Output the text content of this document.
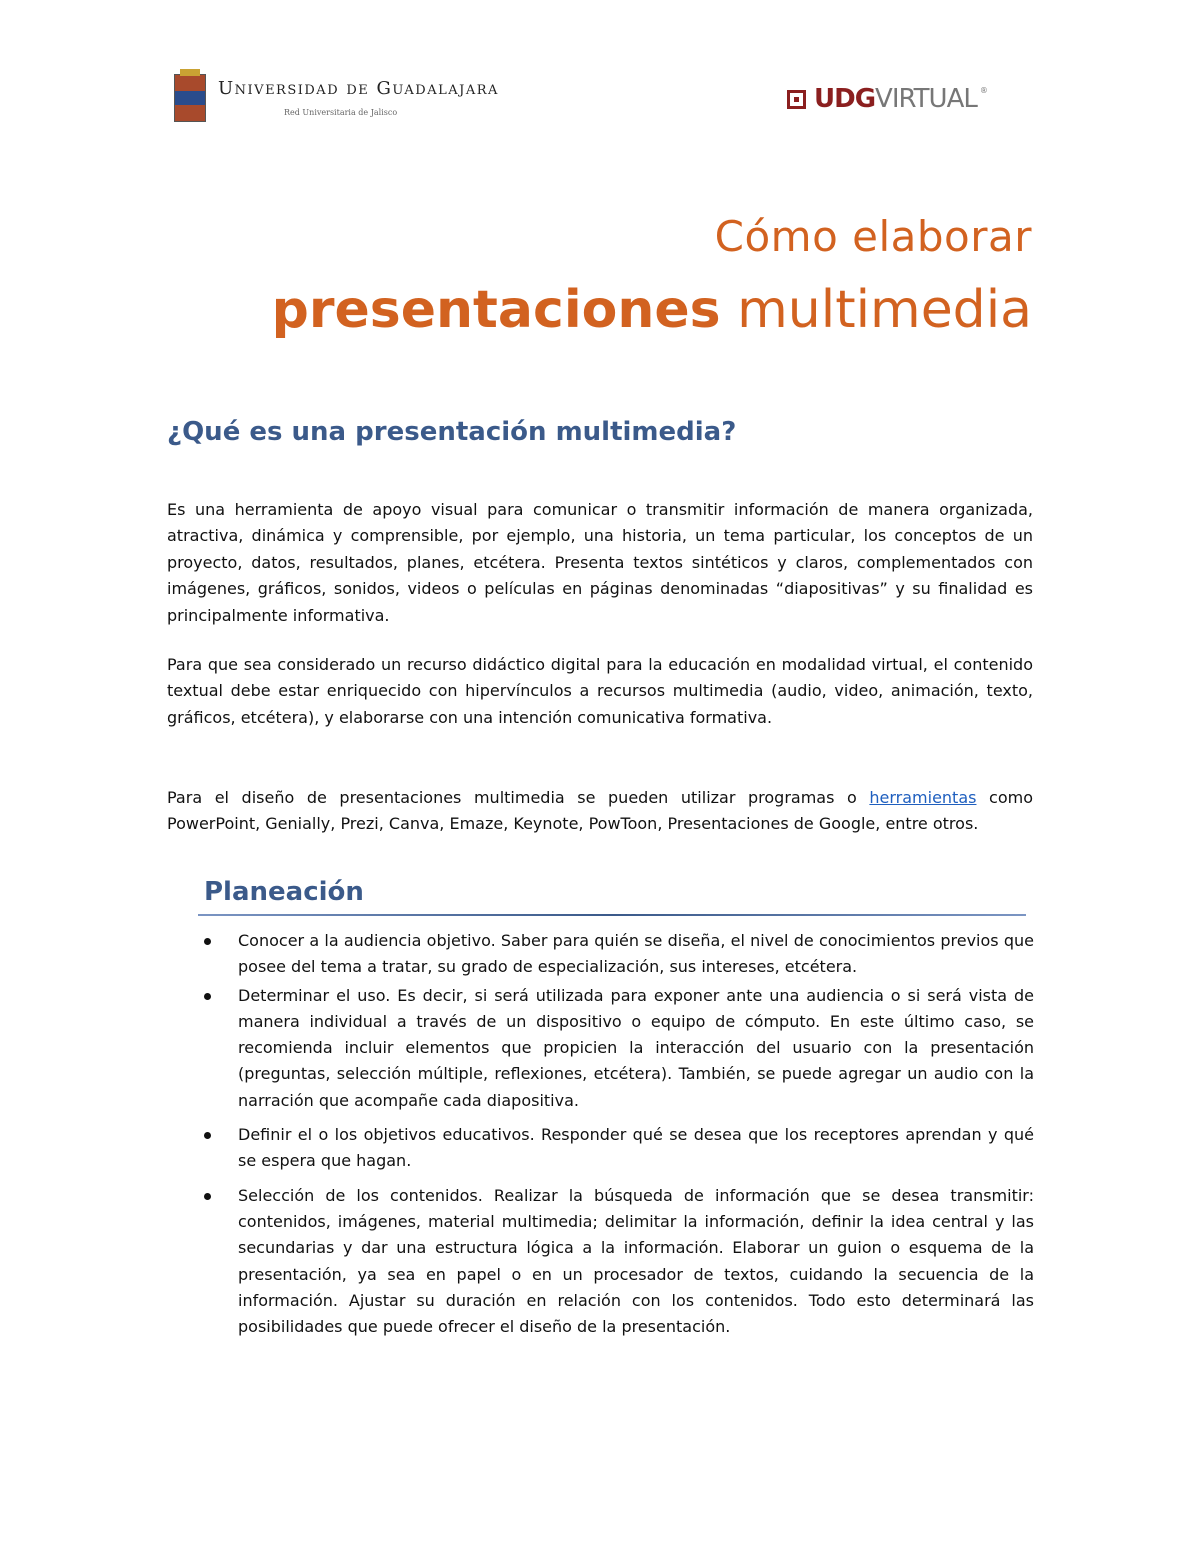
Universidad de Guadalajara
Red Universitaria de Jalisco	UDG VIRTUAL ®
Cómo elaborar
presentaciones multimedia
¿Qué es una presentación multimedia?

Es una herramienta de apoyo visual para comunicar o transmitir información de manera organizada, atractiva, dinámica y comprensible, por ejemplo, una historia, un tema particular, los conceptos de un proyecto, datos, resultados, planes, etcétera. Presenta textos sintéticos y claros, complementados con imágenes, gráficos, sonidos, videos o películas en páginas denominadas “diapositivas” y su finalidad es principalmente informativa.

Para que sea considerado un recurso didáctico digital para la educación en modalidad virtual, el contenido textual debe estar enriquecido con hipervínculos a recursos multimedia (audio, video, animación, texto, gráficos, etcétera), y elaborarse con una intención comunicativa formativa.

Para el diseño de presentaciones multimedia se pueden utilizar programas o herramientas como PowerPoint, Genially, Prezi, Canva, Emaze, Keynote, PowToon, Presentaciones de Google, entre otros.

Planeación
Conocer a la audiencia objetivo. Saber para quién se diseña, el nivel de conocimientos previos que posee del tema a tratar, su grado de especialización, sus intereses, etcétera.
Determinar el uso. Es decir, si será utilizada para exponer ante una audiencia o si será vista de manera individual a través de un dispositivo o equipo de cómputo. En este último caso, se recomienda incluir elementos que propicien la interacción del usuario con la presentación (preguntas, selección múltiple, reflexiones, etcétera). También, se puede agregar un audio con la narración que acompañe cada diapositiva.
Definir el o los objetivos educativos. Responder qué se desea que los receptores aprendan y qué se espera que hagan.
Selección de los contenidos. Realizar la búsqueda de información que se desea transmitir: contenidos, imágenes, material multimedia; delimitar la información, definir la idea central y las secundarias y dar una estructura lógica a la información. Elaborar un guion o esquema de la presentación, ya sea en papel o en un procesador de textos, cuidando la secuencia de la información. Ajustar su duración en relación con los contenidos. Todo esto determinará las posibilidades que puede ofrecer el diseño de la presentación.
